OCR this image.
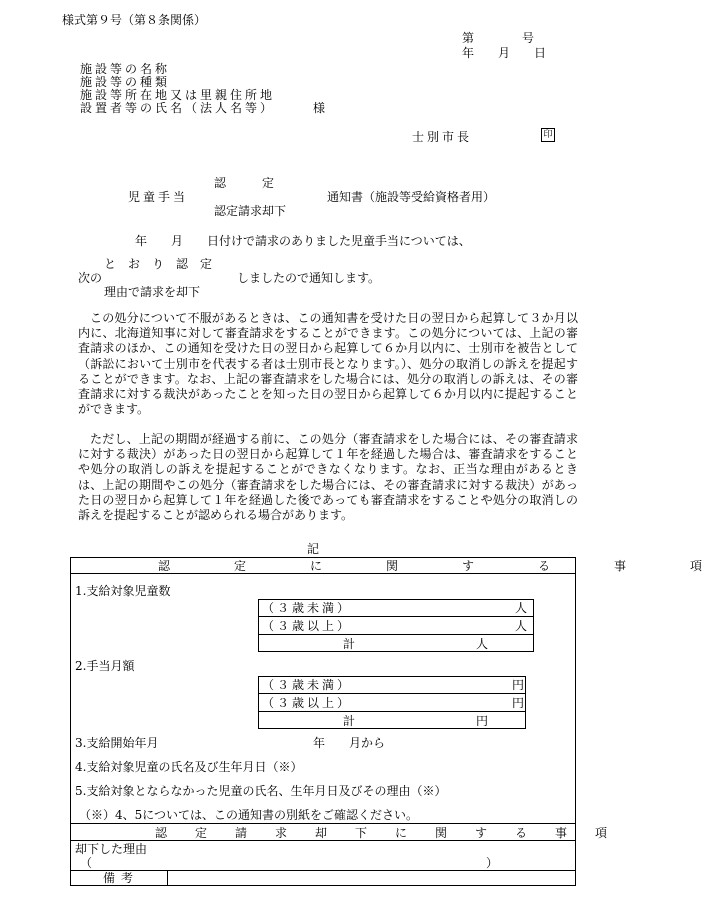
様式第９号（第８条関係）
第　　　　号
年　　月　　日
施設等の名称
施設等の種類
施設等所在地又は里親住所地
設置者等の氏名（法人名等）	様
士別市長	印
認　　　定
児童手当	通知書（施設等受給資格者用）
認定請求却下
年　　月　　日付けで請求のありました児童手当については、
と　お　り　認　定
次の	しましたので通知します。
理由で請求を却下
この処分について不服があるときは、この通知書を受けた日の翌日から起算して３か月以内に、北海道知事に対して審査請求をすることができます。この処分については、上記の審査請求のほか、この通知を受けた日の翌日から起算して６か月以内に、士別市を被告として（訴訟において士別市を代表する者は士別市長となります。）、処分の取消しの訴えを提起することができます。なお、上記の審査請求をした場合には、処分の取消しの訴えは、その審査請求に対する裁決があったことを知った日の翌日から起算して６か月以内に提起することができます。
ただし、上記の期間が経過する前に、この処分（審査請求をした場合には、その審査請求に対する裁決）があった日の翌日から起算して１年を経過した場合は、審査請求をすることや処分の取消しの訴えを提起することができなくなります。なお、正当な理由があるときは、上記の期間やこの処分（審査請求をした場合には、その審査請求に対する裁決）があった日の翌日から起算して１年を経過した後であっても審査請求をすることや処分の取消しの訴えを提起することが認められる場合があります。
記
認　定　に　関　す　る　事　項
1.支給対象児童数
（３歳未満）	人
（３歳以上）	人
計	人
2.手当月額
（３歳未満）	円
（３歳以上）	円
計	円
3.支給開始年月	年　　月から
4.支給対象児童の氏名及び生年月日（※）
5.支給対象とならなかった児童の氏名、生年月日及びその理由（※）
（※）4、5については、この通知書の別紙をご確認ください。
認　定　請　求　却　下　に　関　す　る　事　項
却下した理由
（	）
備考
